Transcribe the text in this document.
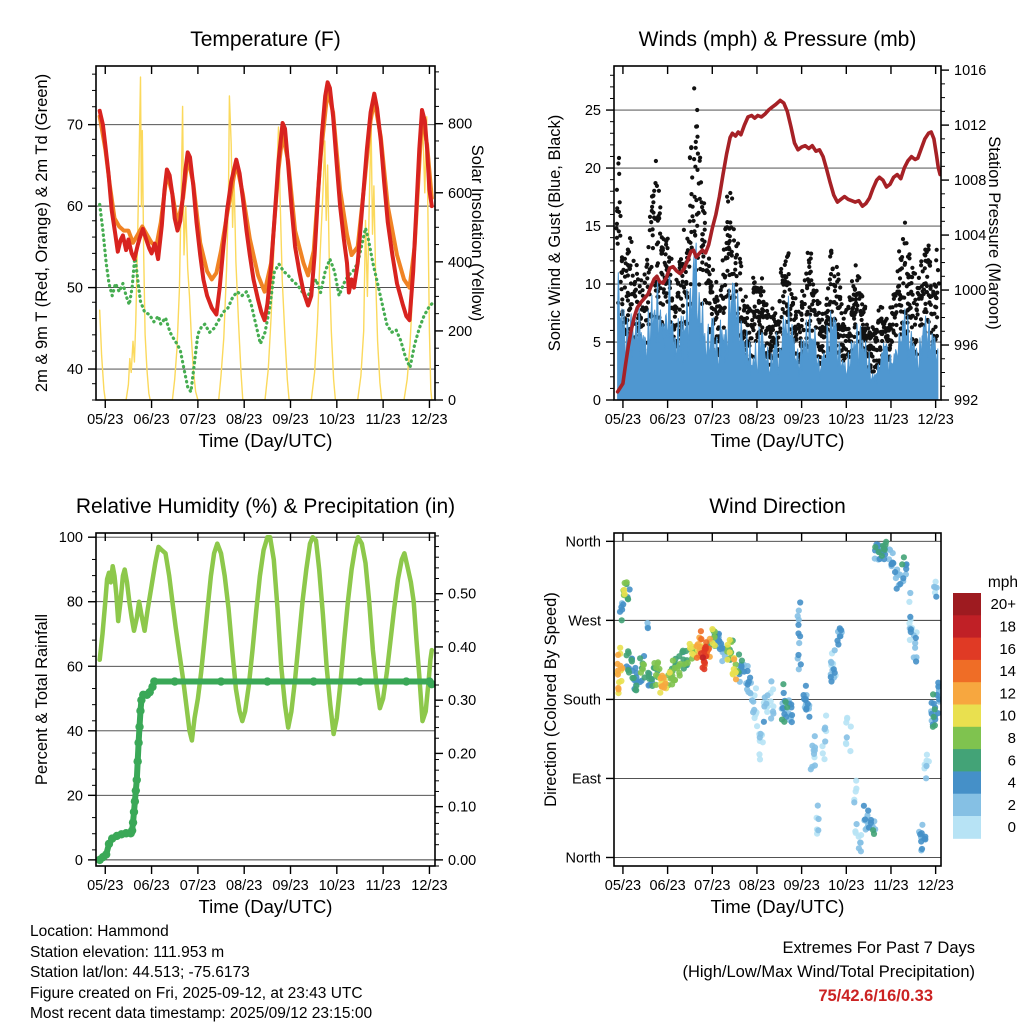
05/23 06/23 07/23 08/23 09/23 10/23 11/23 12/23
40
50
60
70
0
200
400
600
800
Temperature (F)
Time (Day/UTC)
2m & 9m T (Red, Orange) & 2m Td (Green)	Solar Insolation (Yellow)
05/23 06/23 07/23 08/23 09/23 10/23 11/23 12/23
0
5
10
15
20
25
992
996
1000
1004
1008
1012
1016
Winds (mph) & Pressure (mb)
Time (Day/UTC)
Sonic Wind & Gust (Blue, Black)	Station Pressure (Maroon)
05/23 06/23 07/23 08/23 09/23 10/23 11/23 12/23
0
20
40
60
80
100
0.00
0.10
0.20
0.30
0.40
0.50
Relative Humidity (%) & Precipitation (in)
Time (Day/UTC)
Percent & Total Rainfall
05/23 06/23 07/23 08/23 09/23 10/23 11/23 12/23
North
East
South
West
North
Wind Direction
Time (Day/UTC)
Direction (Colored By Speed)
mph
20+
18
16
14
12
10
8
6
4
2
0
Location: Hammond
Station elevation: 111.953 m
Station lat/lon: 44.513; -75.6173
Figure created on Fri, 2025-09-12, at 23:43 UTC
Most recent data timestamp: 2025/09/12 23:15:00
Extremes For Past 7 Days
(High/Low/Max Wind/Total Precipitation)
75/42.6/16/0.33
